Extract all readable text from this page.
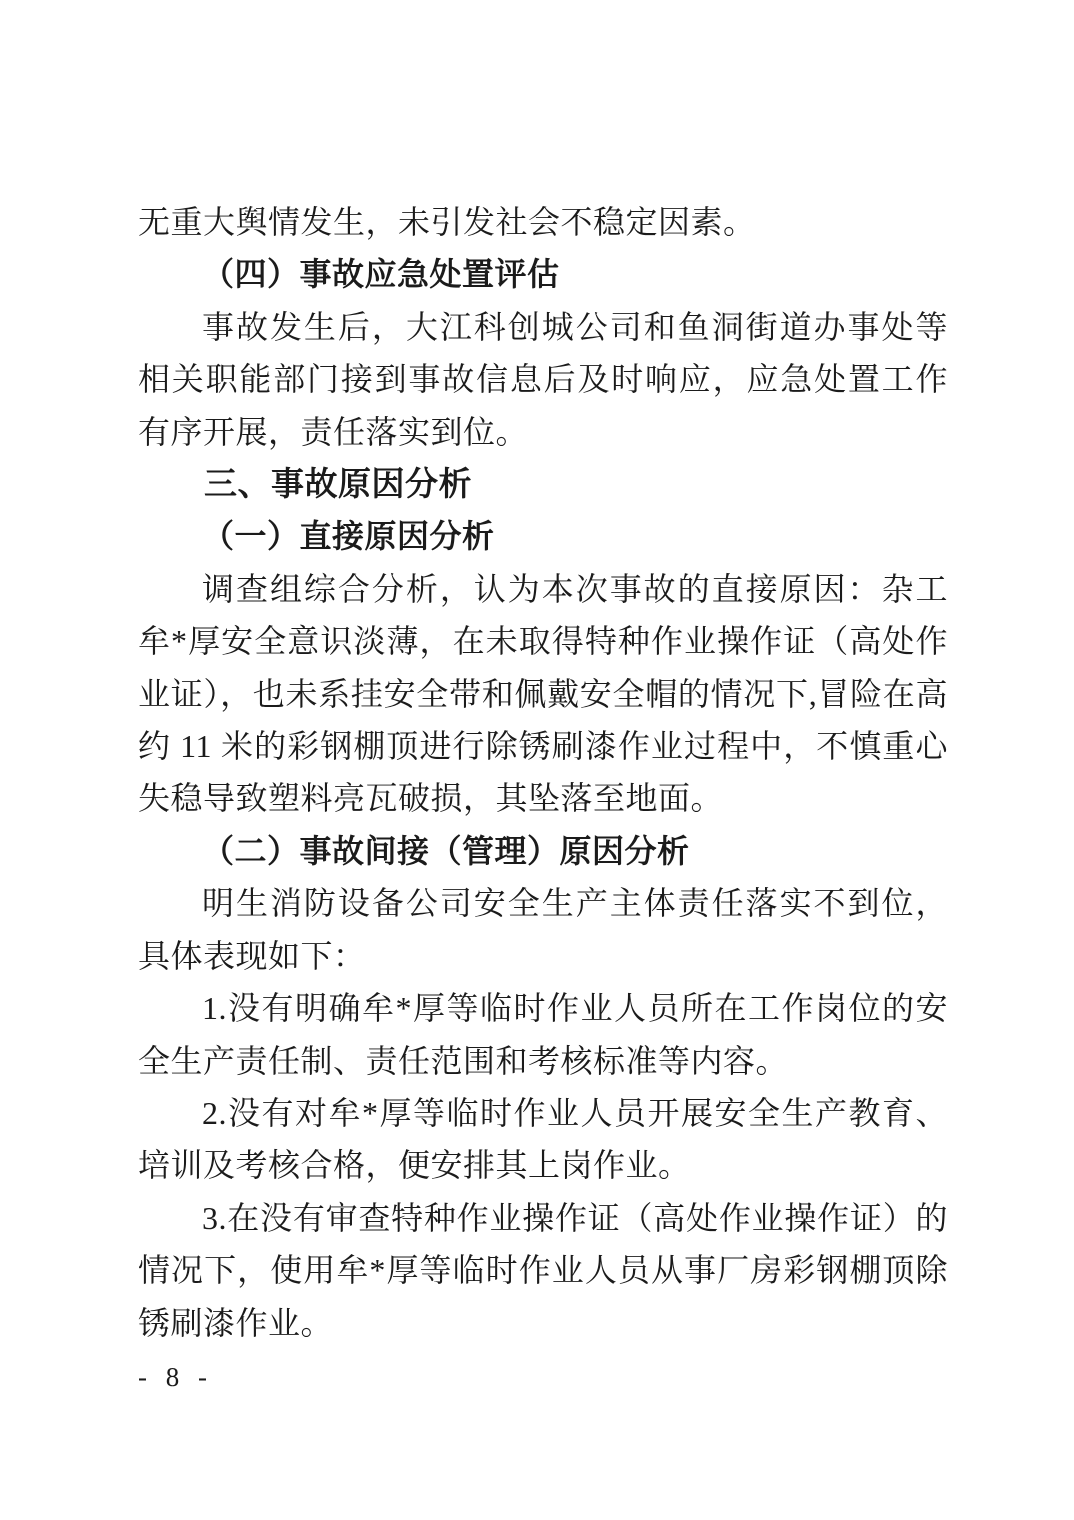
无重大舆情发生，未引发社会不稳定因素。

（四）事故应急处置评估

事故发生后，大江科创城公司和鱼洞街道办事处等相关职能部门接到事故信息后及时响应，应急处置工作有序开展，责任落实到位。

三、事故原因分析

（一）直接原因分析

调查组综合分析，认为本次事故的直接原因：杂工牟*厚安全意识淡薄，在未取得特种作业操作证（高处作业证），也未系挂安全带和佩戴安全帽的情况下,冒险在高约 11 米的彩钢棚顶进行除锈刷漆作业过程中，不慎重心失稳导致塑料亮瓦破损，其坠落至地面。

（二）事故间接（管理）原因分析

明生消防设备公司安全生产主体责任落实不到位，具体表现如下：

1.没有明确牟*厚等临时作业人员所在工作岗位的安全生产责任制、责任范围和考核标准等内容。

2.没有对牟*厚等临时作业人员开展安全生产教育、培训及考核合格，便安排其上岗作业。

3.在没有审查特种作业操作证（高处作业操作证）的情况下，使用牟*厚等临时作业人员从事厂房彩钢棚顶除锈刷漆作业。

- 8 -
